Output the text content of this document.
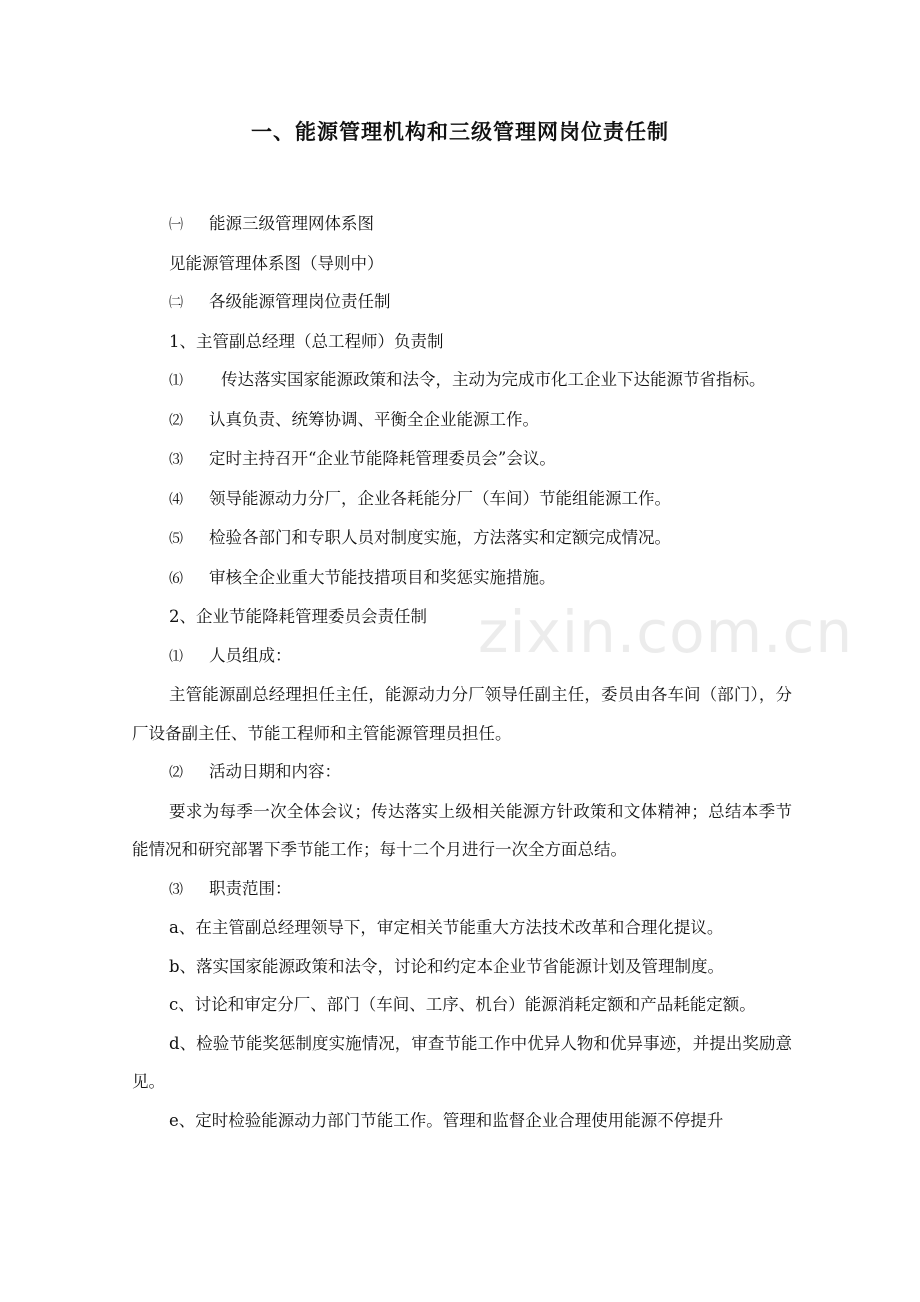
一、能源管理机构和三级管理网岗位责任制
zixin.com.cn

㈠ 能源三级管理网体系图

见能源管理体系图（导则中）

㈡ 各级能源管理岗位责任制

1、主管副总经理（总工程师）负责制

⑴ 传达落实国家能源政策和法令，主动为完成市化工企业下达能源节省指标。

⑵ 认真负责、统筹协调、平衡全企业能源工作。

⑶ 定时主持召开“企业节能降耗管理委员会”会议。

⑷ 领导能源动力分厂，企业各耗能分厂（车间）节能组能源工作。

⑸ 检验各部门和专职人员对制度实施，方法落实和定额完成情况。

⑹ 审核全企业重大节能技措项目和奖惩实施措施。

2、企业节能降耗管理委员会责任制

⑴ 人员组成：

主管能源副总经理担任主任，能源动力分厂领导任副主任，委员由各车间（部门），分厂设备副主任、节能工程师和主管能源管理员担任。

⑵ 活动日期和内容：

要求为每季一次全体会议；传达落实上级相关能源方针政策和文体精神；总结本季节能情况和研究部署下季节能工作；每十二个月进行一次全方面总结。

⑶ 职责范围：

a、在主管副总经理领导下，审定相关节能重大方法技术改革和合理化提议。

b、落实国家能源政策和法令，讨论和约定本企业节省能源计划及管理制度。

c、讨论和审定分厂、部门（车间、工序、机台）能源消耗定额和产品耗能定额。

d、检验节能奖惩制度实施情况，审查节能工作中优异人物和优异事迹，并提出奖励意见。

e、定时检验能源动力部门节能工作。管理和监督企业合理使用能源不停提升
